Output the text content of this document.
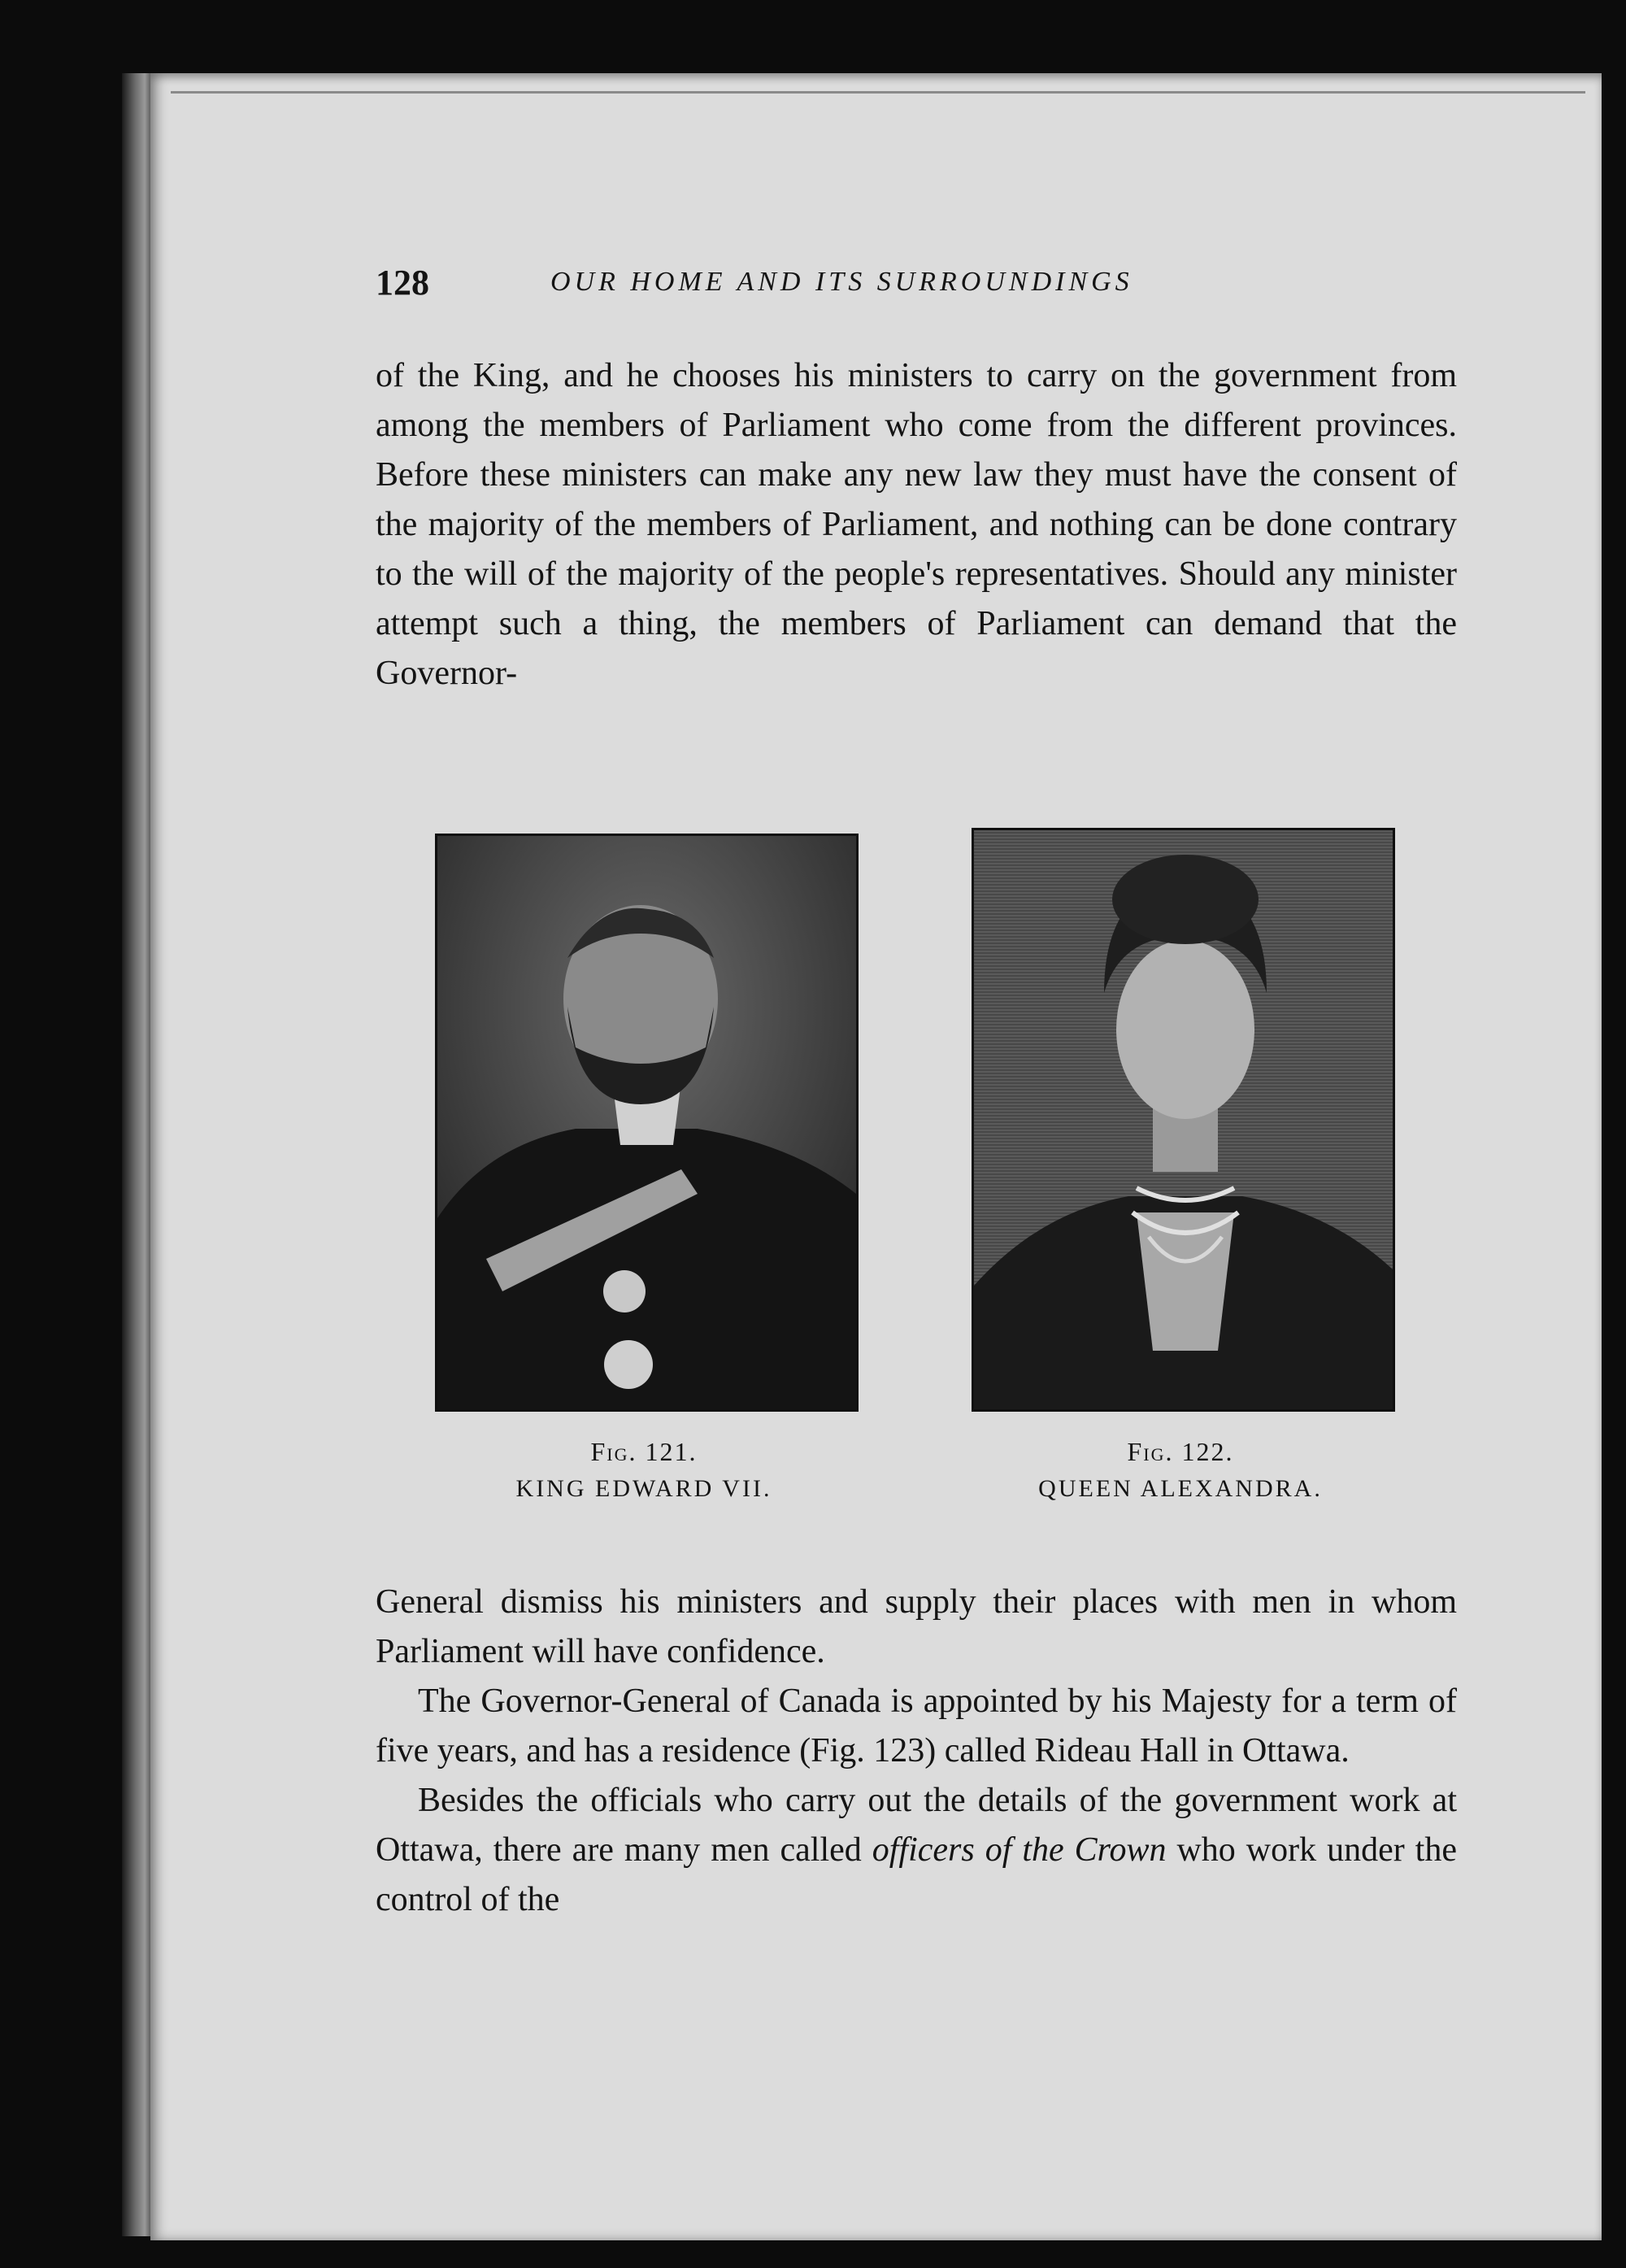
128	OUR HOME AND ITS SURROUNDINGS

of the King, and he chooses his ministers to carry on the government from among the members of Parliament who come from the different provinces. Before these ministers can make any new law they must have the consent of the majority of the members of Parliament, and nothing can be done contrary to the will of the majority of the people's representatives. Should any minister attempt such a thing, the members of Parliament can demand that the Governor-

Fig. 121.
KING EDWARD VII.
Fig. 122.
QUEEN ALEXANDRA.

General dismiss his ministers and supply their places with men in whom Parliament will have confidence.

The Governor-General of Canada is appointed by his Majesty for a term of five years, and has a residence (Fig. 123) called Rideau Hall in Ottawa.

Besides the officials who carry out the details of the government work at Ottawa, there are many men called officers of the Crown who work under the control of the
